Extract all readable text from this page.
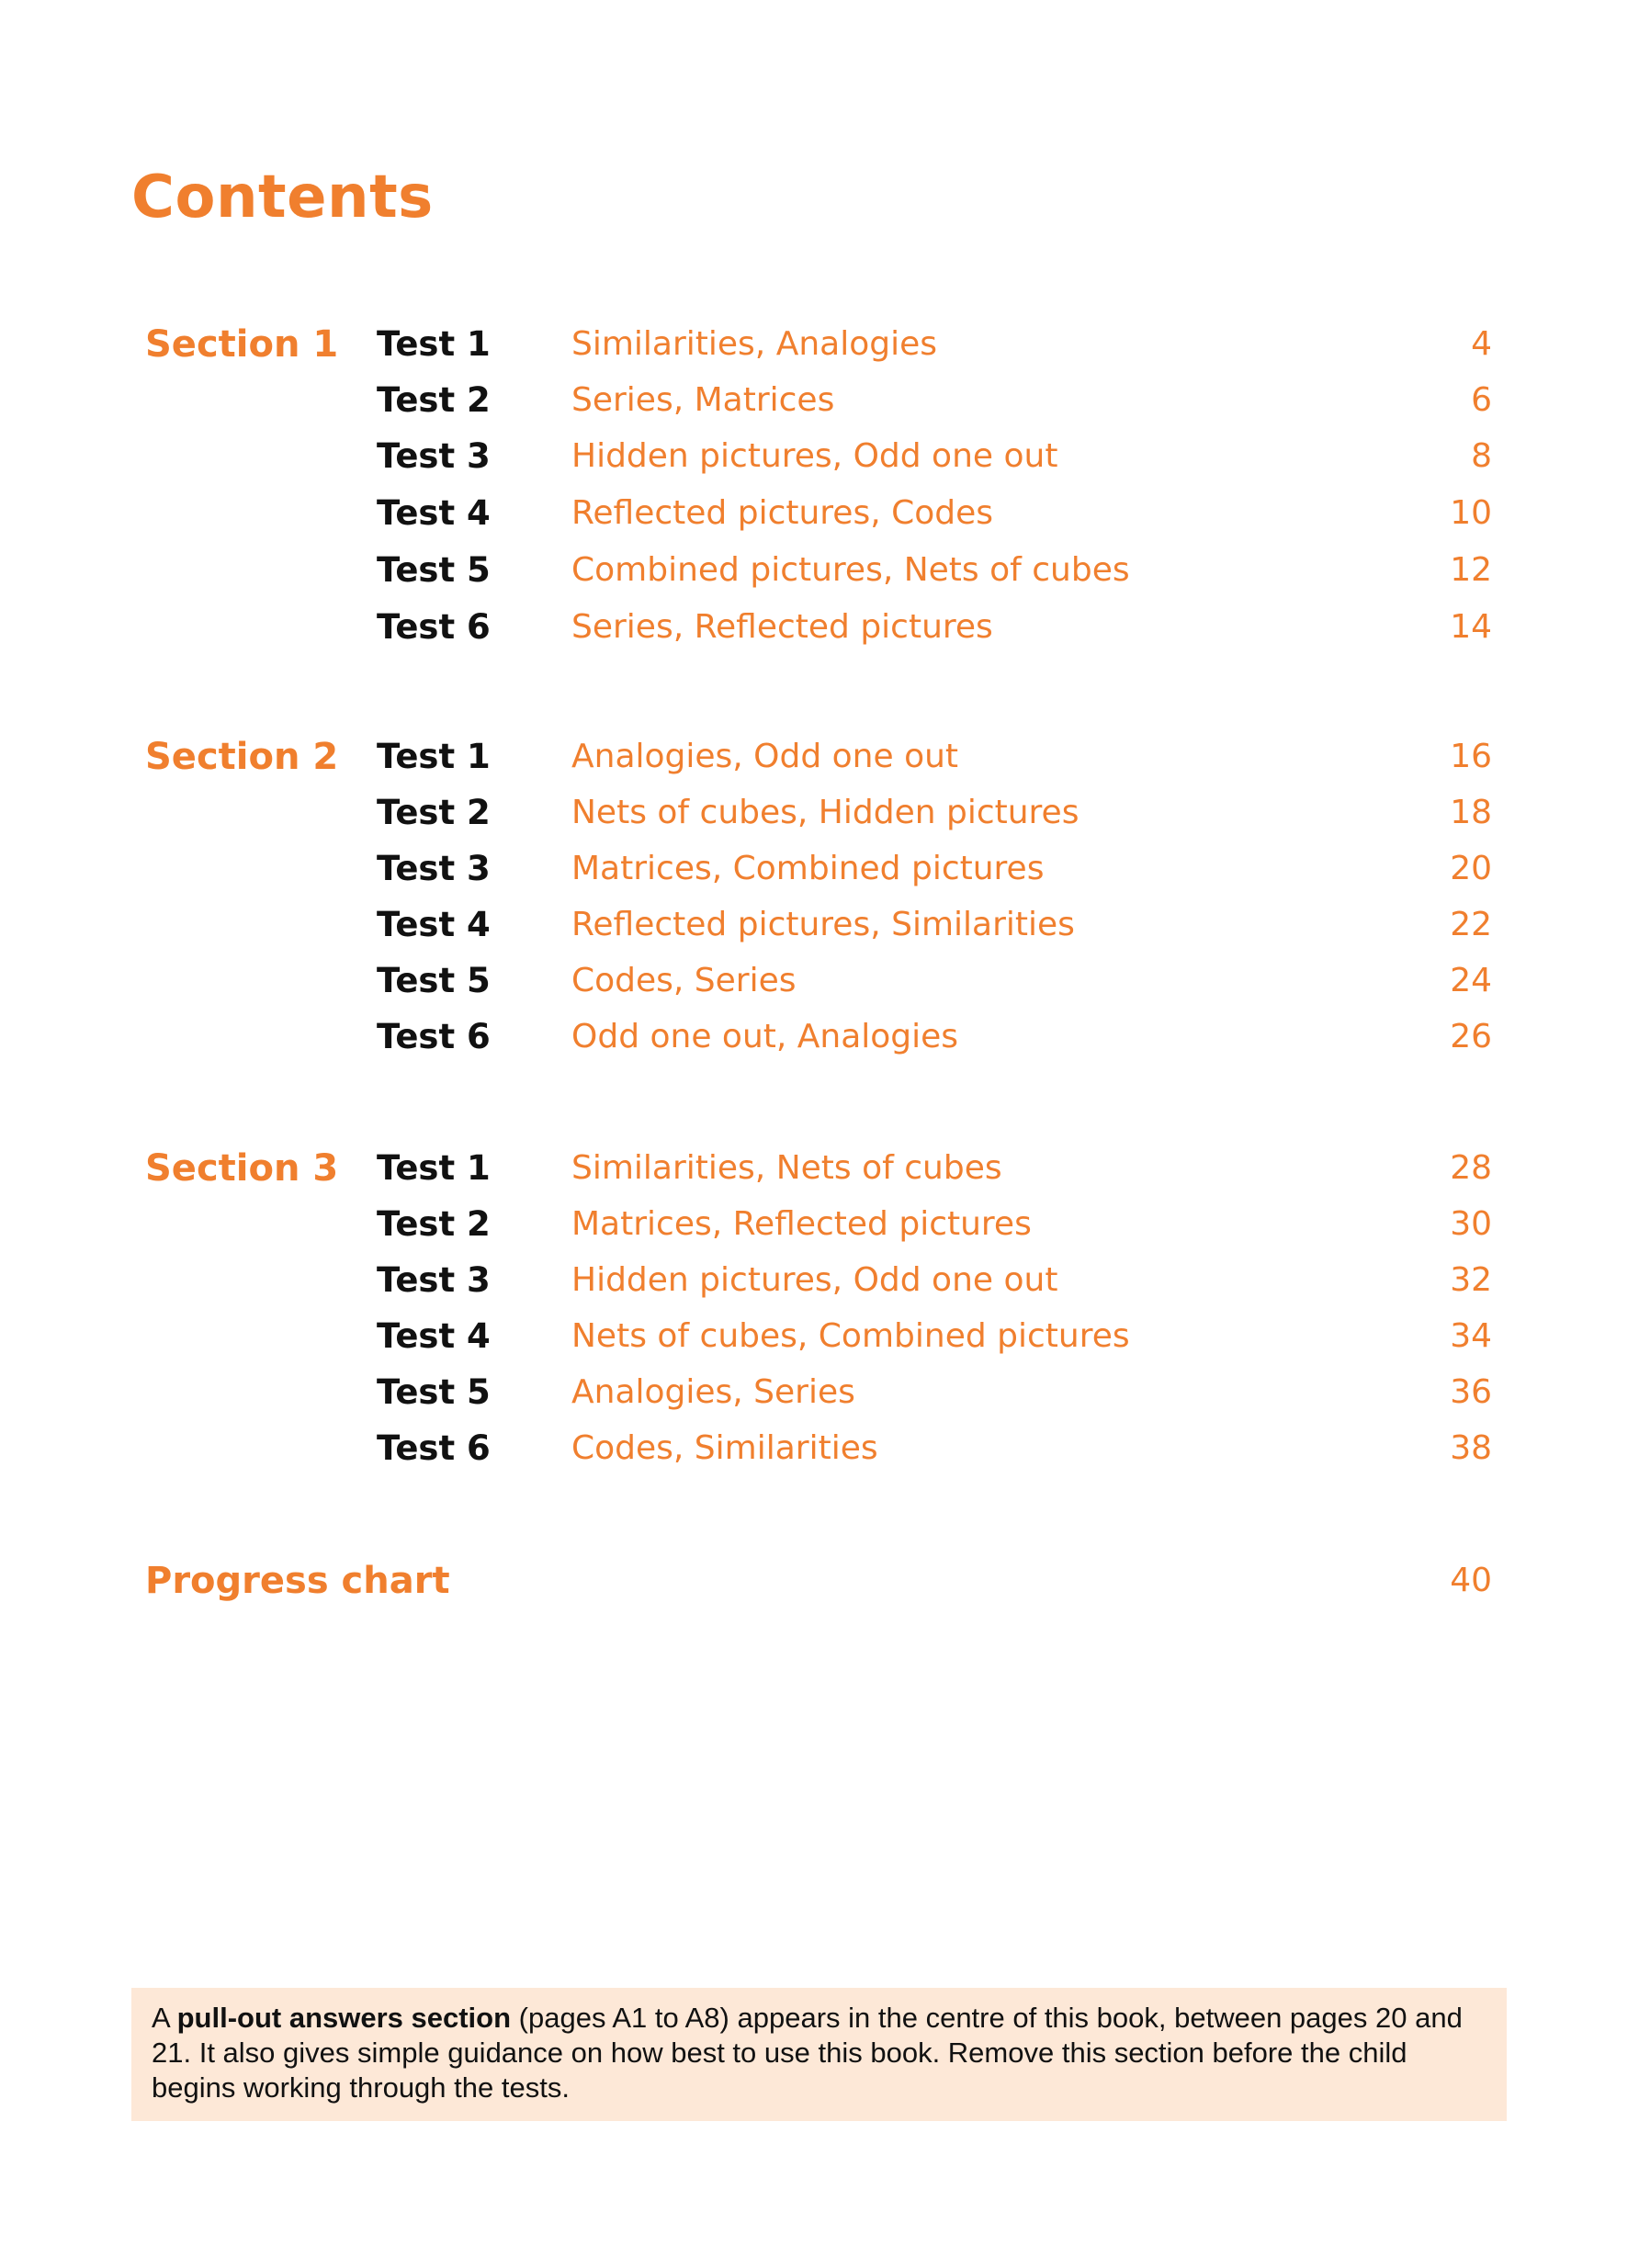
Contents
Section 1 Test 1 Similarities, Analogies	4
Test 2 Series, Matrices	6
Test 3 Hidden pictures, Odd one out	8
Test 4 Reflected pictures, Codes	10
Test 5 Combined pictures, Nets of cubes	12
Test 6 Series, Reflected pictures	14
Section 2 Test 1 Analogies, Odd one out	16
Test 2 Nets of cubes, Hidden pictures	18
Test 3 Matrices, Combined pictures	20
Test 4 Reflected pictures, Similarities	22
Test 5 Codes, Series	24
Test 6 Odd one out, Analogies	26
Section 3 Test 1 Similarities, Nets of cubes	28
Test 2 Matrices, Reflected pictures	30
Test 3 Hidden pictures, Odd one out	32
Test 4 Nets of cubes, Combined pictures	34
Test 5 Analogies, Series	36
Test 6 Codes, Similarities	38
Progress chart	40
A pull-out answers section (pages A1 to A8) appears in the centre of this book, between pages 20 and 21. It also gives simple guidance on how best to use this book. Remove this section before the child begins working through the tests.
